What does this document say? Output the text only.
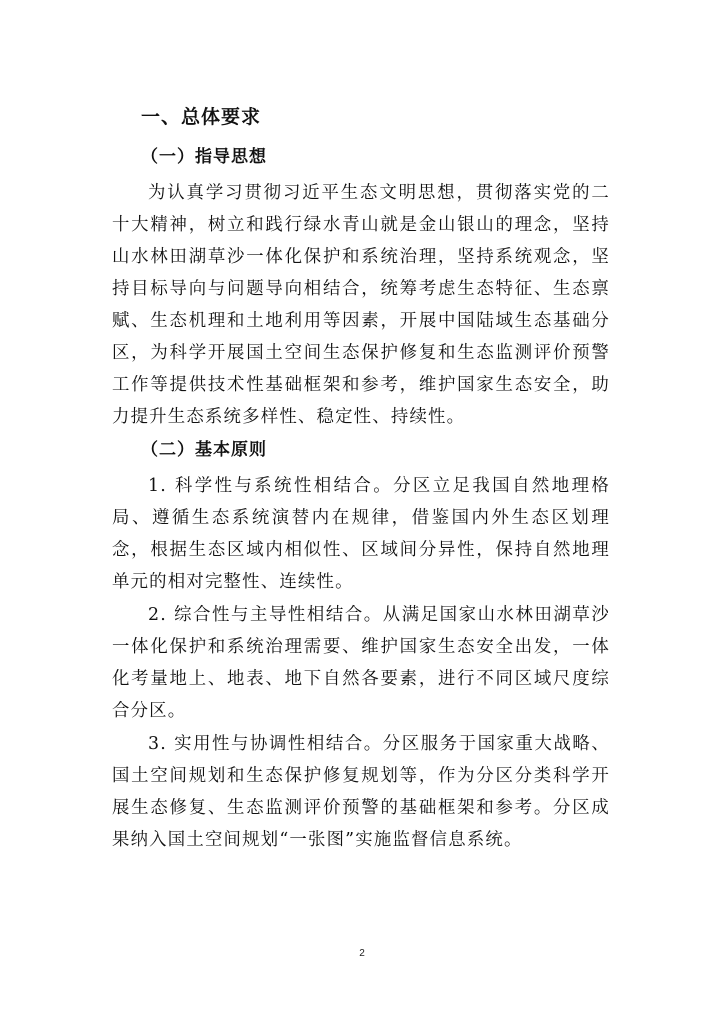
一、总体要求
（一）指导思想

为认真学习贯彻习近平生态文明思想，贯彻落实党的二十大精神，树立和践行绿水青山就是金山银山的理念，坚持山水林田湖草沙一体化保护和系统治理，坚持系统观念，坚持目标导向与问题导向相结合，统筹考虑生态特征、生态禀赋、生态机理和土地利用等因素，开展中国陆域生态基础分区，为科学开展国土空间生态保护修复和生态监测评价预警工作等提供技术性基础框架和参考，维护国家生态安全，助力提升生态系统多样性、稳定性、持续性。

（二）基本原则

1. 科学性与系统性相结合。分区立足我国自然地理格局、遵循生态系统演替内在规律，借鉴国内外生态区划理念，根据生态区域内相似性、区域间分异性，保持自然地理单元的相对完整性、连续性。

2. 综合性与主导性相结合。从满足国家山水林田湖草沙一体化保护和系统治理需要、维护国家生态安全出发，一体化考量地上、地表、地下自然各要素，进行不同区域尺度综合分区。

3. 实用性与协调性相结合。分区服务于国家重大战略、国土空间规划和生态保护修复规划等，作为分区分类科学开展生态修复、生态监测评价预警的基础框架和参考。分区成果纳入国土空间规划“一张图”实施监督信息系统。

2
